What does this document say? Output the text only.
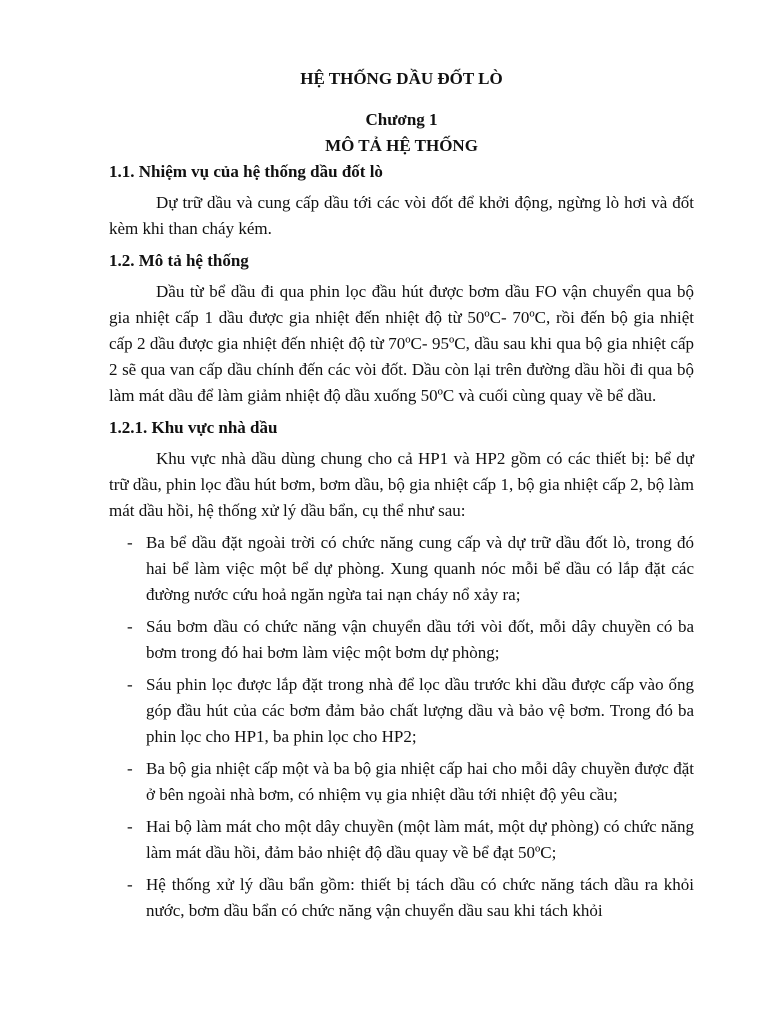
HỆ THỐNG DẦU ĐỐT LÒ
Chương 1
MÔ TẢ HỆ THỐNG
1.1. Nhiệm vụ của hệ thống dầu đốt lò
Dự trữ dầu và cung cấp dầu tới các vòi đốt để khởi động, ngừng lò hơi và đốt kèm khi than cháy kém.
1.2. Mô tả hệ thống
Dầu từ bể dầu đi qua phin lọc đầu hút được bơm dầu FO vận chuyển qua bộ gia nhiệt cấp 1 dầu được gia nhiệt đến nhiệt độ từ 50ºC- 70ºC, rồi đến bộ gia nhiệt cấp 2 dầu được gia nhiệt đến nhiệt độ từ 70ºC- 95ºC, dầu sau khi qua bộ gia nhiệt cấp 2 sẽ qua van cấp dầu chính đến các vòi đốt. Dầu còn lại trên đường dầu hồi đi qua bộ làm mát dầu để làm giảm nhiệt độ dầu xuống 50ºC và cuối cùng quay về bể dầu.
1.2.1. Khu vực nhà dầu
Khu vực nhà dầu dùng chung cho cả HP1 và HP2 gồm có các thiết bị: bể dự trữ dầu, phin lọc đầu hút bơm, bơm dầu, bộ gia nhiệt cấp 1, bộ gia nhiệt cấp 2, bộ làm mát dầu hồi, hệ thống xử lý dầu bẩn, cụ thể như sau:
- Ba bể dầu đặt ngoài trời có chức năng cung cấp và dự trữ dầu đốt lò, trong đó hai bể làm việc một bể dự phòng. Xung quanh nóc mỗi bể dầu có lắp đặt các đường nước cứu hoả ngăn ngừa tai nạn cháy nổ xảy ra;
- Sáu bơm dầu có chức năng vận chuyển dầu tới vòi đốt, mỗi dây chuyền có ba bơm trong đó hai bơm làm việc một bơm dự phòng;
- Sáu phin lọc được lắp đặt trong nhà để lọc dầu trước khi dầu được cấp vào ống góp đầu hút của các bơm đảm bảo chất lượng dầu và bảo vệ bơm. Trong đó ba phin lọc cho HP1, ba phin lọc cho HP2;
- Ba bộ gia nhiệt cấp một và ba bộ gia nhiệt cấp hai cho mỗi dây chuyền được đặt ở bên ngoài nhà bơm, có nhiệm vụ gia nhiệt dầu tới nhiệt độ yêu cầu;
- Hai bộ làm mát cho một dây chuyền (một làm mát, một dự phòng) có chức năng làm mát dầu hồi, đảm bảo nhiệt độ dầu quay về bể đạt 50ºC;
- Hệ thống xử lý dầu bẩn gồm: thiết bị tách dầu có chức năng tách dầu ra khỏi nước, bơm dầu bẩn có chức năng vận chuyển dầu sau khi tách khỏi
